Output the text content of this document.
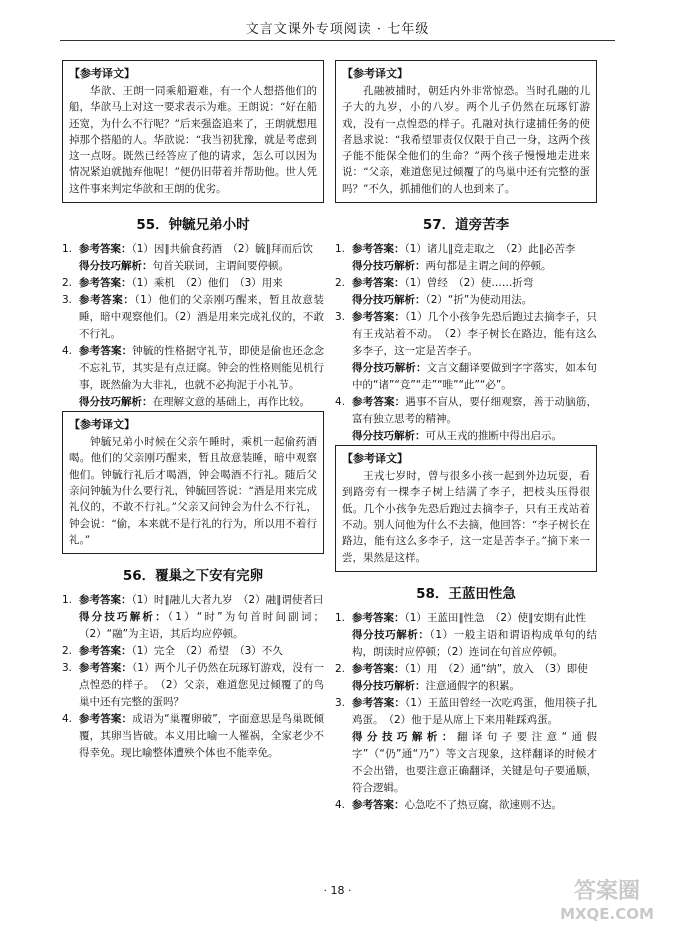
文言文课外专项阅读 · 七年级
【参考译文】

华歆、王朗一同乘船避难，有一个人想搭他们的船，华歆马上对这一要求表示为难。王朗说：“好在船还宽，为什么不行呢？”后来强盗追来了，王朗就想甩掉那个搭船的人。华歆说：“我当初犹豫，就是考虑到这一点呀。既然已经答应了他的请求，怎么可以因为情况紧迫就抛弃他呢！”便仍旧带着并帮助他。世人凭这件事来判定华歆和王朗的优劣。

55．钟毓兄弟小时
1. 参考答案：（1）因∥共偷食药酒　（2）毓∥拜而后饮
得分技巧解析：句首关联词，主谓间要停顿。
2. 参考答案：（1）乘机　（2）他们　（3）用来
3. 参考答案：（1）他们的父亲刚巧醒来，暂且故意装睡，暗中观察他们。（2）酒是用来完成礼仪的，不敢不行礼。
4. 参考答案：钟毓的性格据守礼节，即使是偷也还念念不忘礼节，其实是有点迂腐。钟会的性格则能见机行事，既然偷为大非礼，也就不必拘泥于小礼节。
得分技巧解析：在理解文意的基础上，再作比较。
【参考译文】

钟毓兄弟小时候在父亲午睡时，乘机一起偷药酒喝。他们的父亲刚巧醒来，暂且故意装睡，暗中观察他们。钟毓行礼后才喝酒，钟会喝酒不行礼。随后父亲问钟毓为什么要行礼，钟毓回答说：“酒是用来完成礼仪的，不敢不行礼。”父亲又问钟会为什么不行礼，钟会说：“偷，本来就不是行礼的行为，所以用不着行礼。”

56．覆巢之下安有完卵
1. 参考答案：（1）时∥融儿大者九岁　（2）融∥谓使者曰
得分技巧解析：（1）“时”为句首时间副词；（2）“融”为主语，其后均应停顿。
2. 参考答案：（1）完全　（2）希望　（3）不久
3. 参考答案：（1）两个儿子仍然在玩琢钉游戏，没有一点惶恐的样子。　（2）父亲，难道您见过倾覆了的鸟巢中还有完整的蛋吗？
4. 参考答案：成语为“巢覆卵破”，字面意思是鸟巢既倾覆，其卵当皆破。本义用比喻一人罹祸，全家老少不得幸免。现比喻整体遭殃个体也不能幸免。
【参考译文】

孔融被捕时，朝廷内外非常惊恐。当时孔融的儿子大的九岁，小的八岁。两个儿子仍然在玩琢钉游戏，没有一点惶恐的样子。孔融对执行逮捕任务的使者恳求说：“我希望罪责仅仅限于自己一身，这两个孩子能不能保全他们的生命？”两个孩子慢慢地走进来说：“父亲，难道您见过倾覆了的鸟巢中还有完整的蛋吗？”不久，抓捕他们的人也到来了。

57．道旁苦李
1. 参考答案：（1）诸儿∥竞走取之　（2）此∥必苦李
得分技巧解析：两句都是主谓之间的停顿。
2. 参考答案：（1）曾经　（2）使……折弯
得分技巧解析：（2）“折”为使动用法。
3. 参考答案：（1）几个小孩争先恐后跑过去摘李子，只有王戎站着不动。　（2）李子树长在路边，能有这么多李子，这一定是苦李子。
得分技巧解析：文言文翻译要做到字字落实，如本句中的“诸”“竞”“走”“唯”“此”“必”。
4. 参考答案：遇事不盲从，要仔细观察，善于动脑筋，富有独立思考的精神。
得分技巧解析：可从王戎的推断中得出启示。
【参考译文】

王戎七岁时，曾与很多小孩一起到外边玩耍，看到路旁有一棵李子树上结满了李子，把枝头压得很低。几个小孩争先恐后跑过去摘李子，只有王戎站着不动。别人问他为什么不去摘，他回答：“李子树长在路边，能有这么多李子，这一定是苦李子。”摘下来一尝，果然是这样。

58．王蓝田性急
1. 参考答案：（1）王蓝田∥性急　（2）使∥安期有此性
得分技巧解析：（1）一般主语和谓语构成单句的结构，朗读时应停顿；（2）连词在句首应停顿。
2. 参考答案：（1）用　（2）通“纳”，放入　（3）即使
得分技巧解析：注意通假字的积累。
3. 参考答案：（1）王蓝田曾经一次吃鸡蛋，他用筷子扎鸡蛋。　（2）他于是从席上下来用鞋踩鸡蛋。
得分技巧解析：翻译句子要注意“通假字”（“仍”通“乃”）等文言现象，这样翻译的时候才不会出错，也要注意正确翻译，关键是句子要通顺，符合逻辑。
4. 参考答案：心急吃不了热豆腐，欲速则不达。
· 18 ·	答案圈
MXQE.COM
